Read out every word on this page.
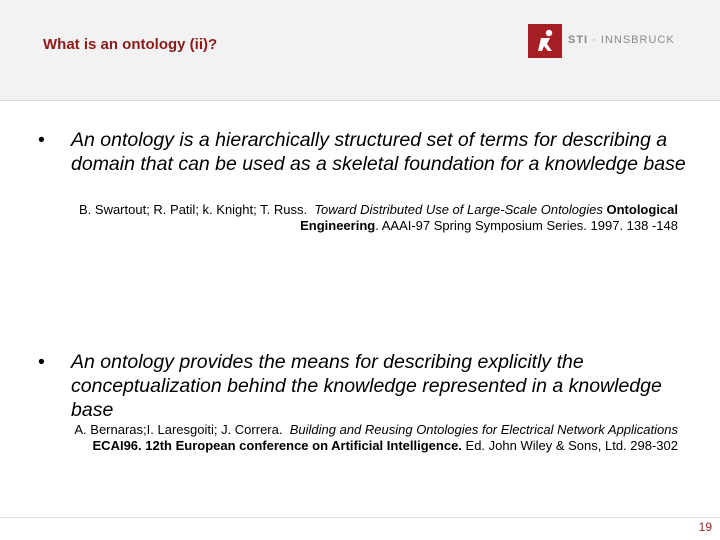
What is an ontology (ii)?	STI · INNSBRUCK
• An ontology is a hierarchically structured set of terms for describing a domain that can be used as a skeletal foundation for a knowledge base
B. Swartout; R. Patil; k. Knight; T. Russ. Toward Distributed Use of Large-Scale Ontologies Ontological Engineering. AAAI-97 Spring Symposium Series. 1997. 138 -148
• An ontology provides the means for describing explicitly the conceptualization behind the knowledge represented in a knowledge base
A. Bernaras;I. Laresgoiti; J. Correra. Building and Reusing Ontologies for Electrical Network Applications ECAI96. 12th European conference on Artificial Intelligence. Ed. John Wiley & Sons, Ltd. 298-302
19
